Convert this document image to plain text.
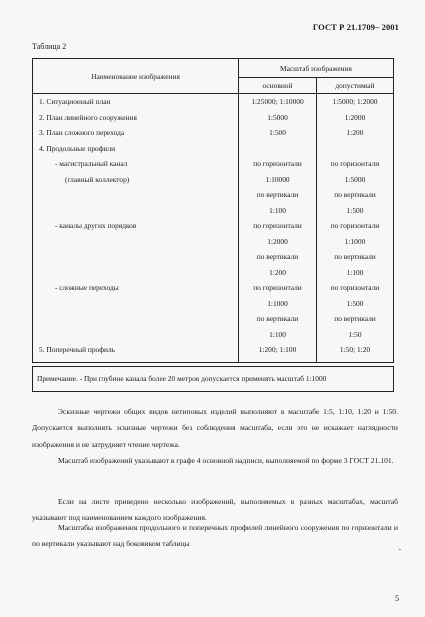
ГОСТ Р 21.1709– 2001
Таблица 2
Наименование изображения	Масштаб изображения	
	основной	допустимый
1. Ситуационный план	1:25000; 1:10000	1:5000; 1:2000
2. План линейного сооружения	1:5000	1:2000
3. План сложного перехода	1:500	1:200
4. Продольные профили		
- магистральный канал	по горизонтали	по горизонтали
(главный коллектор)	1:10000	1:5000
	по вертикали	по вертикали
	1:100	1:500
- каналы других порядков	по горизонтали	по горизонтали
	1:2000	1:1000
	по вертикали	по вертикали
	1:200	1:100
- сложные переходы	по горизонтали	по горизонтали
	1:1000	1:500
	по вертикали	по вертикали
	1:100	1:50
5. Поперечный профиль	1:200; 1:100	1:50; 1:20

Примечание. - При глубине канала более 20 метров допускается применять масштаб 1:1000		
Эскизные чертежи общих видов нетиповых изделий выполняют в масштабе 1:5, 1:10, 1:20 и 1:50. Допускается выполнять эскизные чертежи без соблюдения масштаба, если это не искажает наглядности изображения и не затрудняет чтение чертежа.
Масштаб изображений указывают в графе 4 основной надписи, выполняемой по форме 3 ГОСТ 21.101.
Если на листе приведено несколько изображений, выполняемых в разных масштабах, масштаб указывают под наименованием каждого изображения.
Масштабы изображения продольного и поперечных профилей линейного сооружения по горизонтали и по вертикали указывают над боковиком таблицы
ˇ
5
